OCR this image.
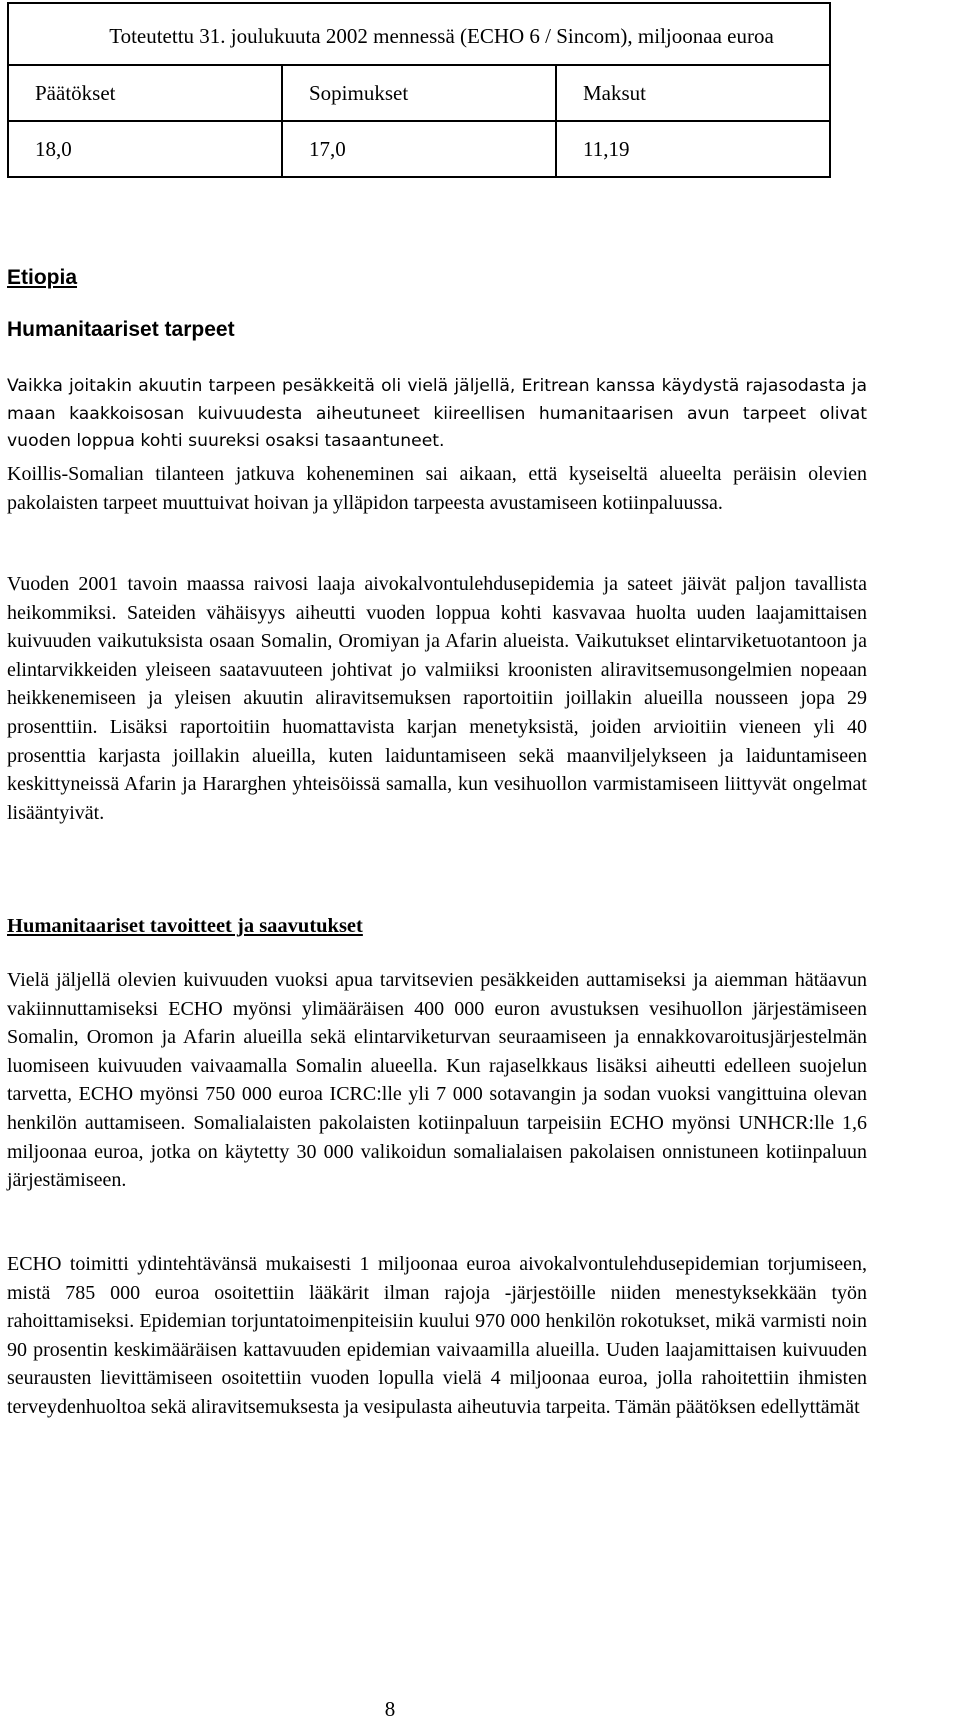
Toteutettu 31. joulukuuta 2002 mennessä (ECHO 6 / Sincom), miljoonaa euroa		

Päätökset	Sopimukset	Maksut
18,0	17,0	11,19
Etiopia
Humanitaariset tarpeet

Vaikka joitakin akuutin tarpeen pesäkkeitä oli vielä jäljellä, Eritrean kanssa käydystä rajasodasta ja maan kaakkoisosan kuivuudesta aiheutuneet kiireellisen humanitaarisen avun tarpeet olivat vuoden loppua kohti suureksi osaksi tasaantuneet.

Koillis-Somalian tilanteen jatkuva koheneminen sai aikaan, että kyseiseltä alueelta peräisin olevien pakolaisten tarpeet muuttuivat hoivan ja ylläpidon tarpeesta avustamiseen kotiinpaluussa.

Vuoden 2001 tavoin maassa raivosi laaja aivokalvontulehdusepidemia ja sateet jäivät paljon tavallista heikommiksi. Sateiden vähäisyys aiheutti vuoden loppua kohti kasvavaa huolta uuden laajamittaisen kuivuuden vaikutuksista osaan Somalin, Oromiyan ja Afarin alueista. Vaikutukset elintarviketuotantoon ja elintarvikkeiden yleiseen saatavuuteen johtivat jo valmiiksi kroonisten aliravitsemusongelmien nopeaan heikkenemiseen ja yleisen akuutin aliravitsemuksen raportoitiin joillakin alueilla nousseen jopa 29 prosenttiin. Lisäksi raportoitiin huomattavista karjan menetyksistä, joiden arvioitiin vieneen yli 40 prosenttia karjasta joillakin alueilla, kuten laiduntamiseen sekä maanviljelykseen ja laiduntamiseen keskittyneissä Afarin ja Hararghen yhteisöissä samalla, kun vesihuollon varmistamiseen liittyvät ongelmat lisääntyivät.

Humanitaariset tavoitteet ja saavutukset

Vielä jäljellä olevien kuivuuden vuoksi apua tarvitsevien pesäkkeiden auttamiseksi ja aiemman hätäavun vakiinnuttamiseksi ECHO myönsi ylimääräisen 400 000 euron avustuksen vesihuollon järjestämiseen Somalin, Oromon ja Afarin alueilla sekä elintarviketurvan seuraamiseen ja ennakkovaroitusjärjestelmän luomiseen kuivuuden vaivaamalla Somalin alueella. Kun rajaselkkaus lisäksi aiheutti edelleen suojelun tarvetta, ECHO myönsi 750 000 euroa ICRC:lle yli 7 000 sotavangin ja sodan vuoksi vangittuina olevan henkilön auttamiseen. Somalialaisten pakolaisten kotiinpaluun tarpeisiin ECHO myönsi UNHCR:lle 1,6 miljoonaa euroa, jotka on käytetty 30 000 valikoidun somalialaisen pakolaisen onnistuneen kotiinpaluun järjestämiseen.

ECHO toimitti ydintehtävänsä mukaisesti 1 miljoonaa euroa aivokalvontulehdusepidemian torjumiseen, mistä 785 000 euroa osoitettiin lääkärit ilman rajoja -järjestöille niiden menestyksekkään työn rahoittamiseksi. Epidemian torjuntatoimenpiteisiin kuului 970 000 henkilön rokotukset, mikä varmisti noin 90 prosentin keskimääräisen kattavuuden epidemian vaivaamilla alueilla. Uuden laajamittaisen kuivuuden seurausten lievittämiseen osoitettiin vuoden lopulla vielä 4 miljoonaa euroa, jolla rahoitettiin ihmisten terveydenhuoltoa sekä aliravitsemuksesta ja vesipulasta aiheutuvia tarpeita. Tämän päätöksen edellyttämät

8
